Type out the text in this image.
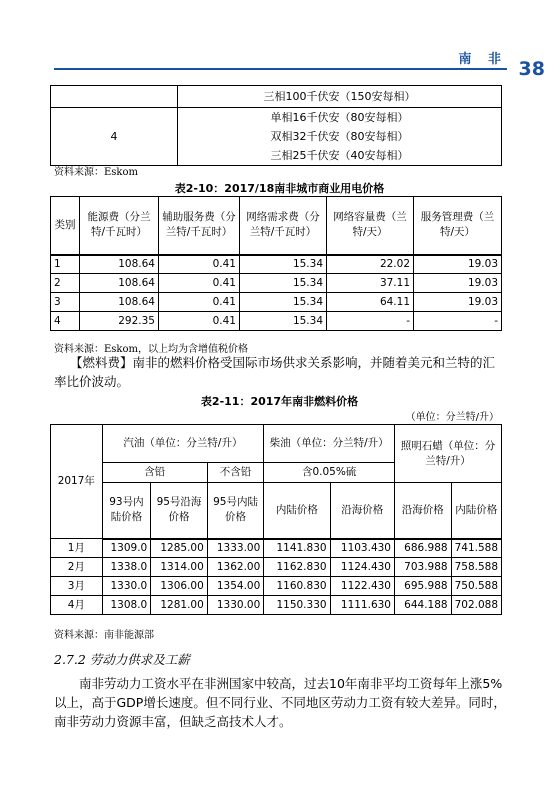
南 非 38
	三相100千伏安（150安每相）
4	单相16千伏安（80安每相）
双相32千伏安（80安每相）
三相25千伏安（40安每相）
资料来源：Eskom
表2-10：2017/18南非城市商业用电价格
类别	能源费（分兰特/千瓦时）	辅助服务费（分兰特/千瓦时）	网络需求费（分兰特/千瓦时）	网络容量费（兰特/天）	服务管理费（兰特/天）
1	108.64	0.41	15.34	22.02	19.03
2	108.64	0.41	15.34	37.11	19.03
3	108.64	0.41	15.34	64.11	19.03
4	292.35	0.41	15.34	-	-
资料来源：Eskom，以上均为含增值税价格
【燃料费】南非的燃料价格受国际市场供求关系影响，并随着美元和兰特的汇率比价波动。
表2-11：2017年南非燃料价格
（单位：分兰特/升）
2017年	汽油（单位：分兰特/升）			柴油（单位：分兰特/升）		照明石蜡（单位：分兰特/升）	
	含铅		不含铅	含0.05%硫			
	93号内陆价格	95号沿海价格	95号内陆价格	内陆价格	沿海价格	沿海价格	内陆价格
1月	1309.0	1285.00	1333.00	1141.830	1103.430	686.988	741.588
2月	1338.0	1314.00	1362.00	1162.830	1124.430	703.988	758.588
3月	1330.0	1306.00	1354.00	1160.830	1122.430	695.988	750.588
4月	1308.0	1281.00	1330.00	1150.330	1111.630	644.188	702.088
资料来源：南非能源部
2.7.2 劳动力供求及工薪
南非劳动力工资水平在非洲国家中较高，过去10年南非平均工资每年上涨5%以上，高于GDP增长速度。但不同行业、不同地区劳动力工资有较大差异。同时，南非劳动力资源丰富，但缺乏高技术人才。
